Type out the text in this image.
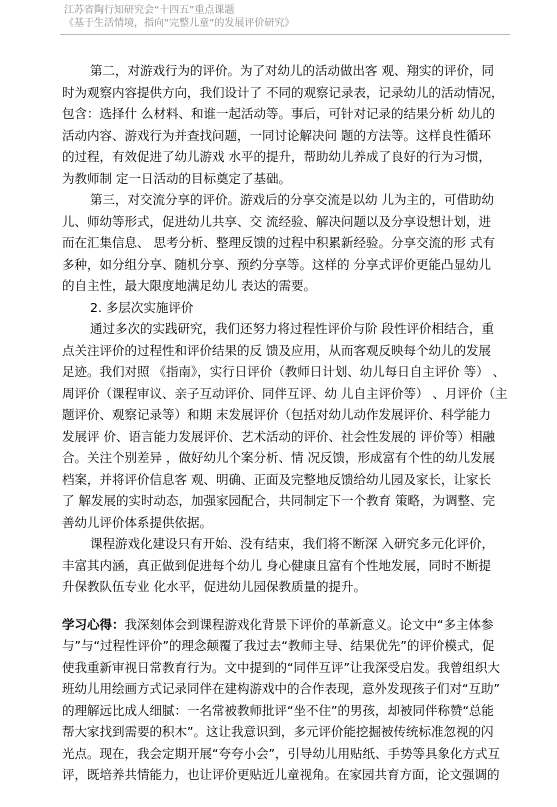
江苏省陶行知研究会“十四五”重点课题
《基于生活情境，指向“完整儿童”的发展评价研究》
第二，对游戏行为的评价。为了对幼儿的活动做出客 观、翔实的评价，同
时为观察内容提供方向，我们设计了 不同的观察记录表，记录幼儿的活动情况，
包含：选择什 么材料、和谁一起活动等。事后，可针对记录的结果分析 幼儿的
活动内容、游戏行为并查找问题，一同讨论解决问 题的方法等。这样良性循环
的过程，有效促进了幼儿游戏 水平的提升，帮助幼儿养成了良好的行为习惯，
为教师制 定一日活动的目标奠定了基础。
第三，对交流分享的评价。游戏后的分享交流是以幼 儿为主的，可借助幼
儿、师幼等形式，促进幼儿共享、交 流经验、解决问题以及分享设想计划，进
而在汇集信息、 思考分析、整理反馈的过程中积累新经验。分享交流的形 式有
多种，如分组分享、随机分享、预约分享等。这样的 分享式评价更能凸显幼儿
的自主性，最大限度地满足幼儿 表达的需要。
2. 多层次实施评价
通过多次的实践研究，我们还努力将过程性评价与阶 段性评价相结合，重
点关注评价的过程性和评价结果的反 馈及应用，从而客观反映每个幼儿的发展
足迹。我们对照 《指南》，实行日评价（教师日计划、幼儿每日自主评价 等） 、
周评价（课程审议、亲子互动评价、同伴互评、幼 儿自主评价等） 、月评价（主
题评价、观察记录等）和期 末发展评价（包括对幼儿动作发展评价、科学能力
发展评 价、语言能力发展评价、艺术活动的评价、社会性发展的 评价等）相融
合。关注个别差异 ，做好幼儿个案分析、情 况反馈，形成富有个性的幼儿发展
档案，并将评价信息客 观、明确、正面及完整地反馈给幼儿园及家长，让家长
了 解发展的实时动态，加强家园配合，共同制定下一个教育 策略，为调整、完
善幼儿评价体系提供依据。
课程游戏化建设只有开始、没有结束，我们将不断深 入研究多元化评价，
丰富其内涵，真正做到促进每个幼儿 身心健康且富有个性地发展，同时不断提
升保教队伍专业 化水平，促进幼儿园保教质量的提升。
学习心得：我深刻体会到课程游戏化背景下评价的革新意义。论文中“多主体参
与”与“过程性评价”的理念颠覆了我过去“教师主导、结果优先”的评价模式，促
使我重新审视日常教育行为。文中提到的“同伴互评”让我深受启发。我曾组织大
班幼儿用绘画方式记录同伴在建构游戏中的合作表现，意外发现孩子们对“互助”
的理解远比成人细腻：一名常被教师批评“坐不住”的男孩，却被同伴称赞“总能
帮大家找到需要的积木”。这让我意识到，多元评价能挖掘被传统标准忽视的闪
光点。现在，我会定期开展“夸夸小会”，引导幼儿用贴纸、手势等具象化方式互
评，既培养共情能力，也让评价更贴近儿童视角。在家园共育方面，论文强调的
